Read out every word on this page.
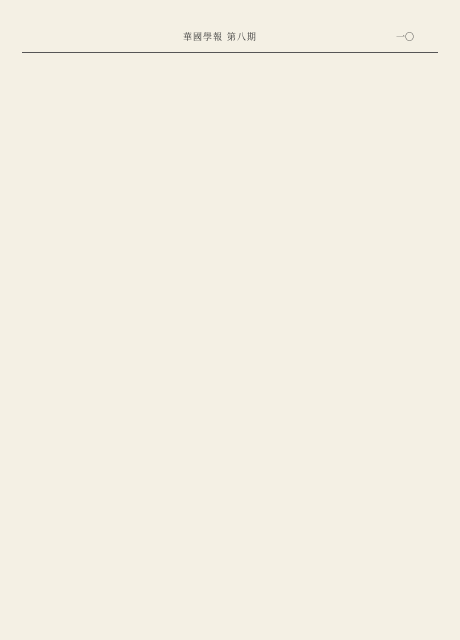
華國學報 第八期	一〇
